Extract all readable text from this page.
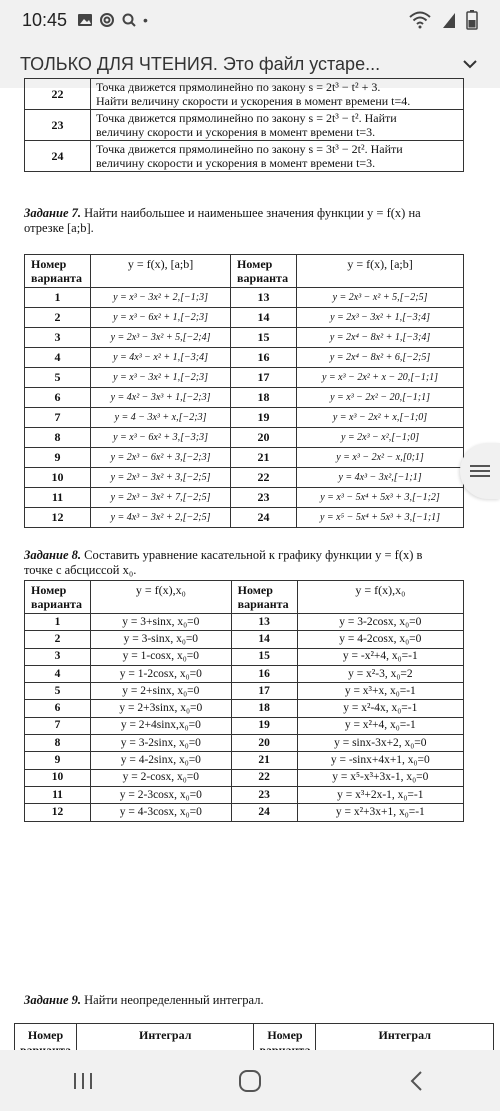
10:45	•
ТОЛЬКО ДЛЯ ЧТЕНИЯ. Это файл устаре...
22	Точка движется прямолинейно по закону s = 2t³ − t² + 3.
Найти величину скорости и ускорения в момент времени t=4.

23	Точка движется прямолинейно по закону s = 2t³ − t². Найти
величину скорости и ускорения в момент времени t=3.

24	Точка движется прямолинейно по закону s = 3t³ − 2t². Найти
величину скорости и ускорения в момент времени t=3.
Задание 7. Найти наибольшее и наименьшее значения функции y = f(x) на отрезке [a;b].
Номер варианта	y = f(x), [a;b]	Номер варианта	y = f(x), [a;b]
1	y = x³ − 3x² + 2,[−1;3]	13	y = 2x³ − x² + 5,[−2;5]
2	y = x³ − 6x² + 1,[−2;3]	14	y = 2x³ − 3x² + 1,[−3;4]
3	y = 2x³ − 3x² + 5,[−2;4]	15	y = 2x⁴ − 8x² + 1,[−3;4]
4	y = 4x³ − x² + 1,[−3;4]	16	y = 2x⁴ − 8x² + 6,[−2;5]
5	y = x³ − 3x² + 1,[−2;3]	17	y = x³ − 2x² + x − 20,[−1;1]
6	y = 4x² − 3x³ + 1,[−2;3]	18	y = x³ − 2x² − 20,[−1;1]
7	y = 4 − 3x³ + x,[−2;3]	19	y = x³ − 2x² + x,[−1;0]
8	y = x³ − 6x² + 3,[−3;3]	20	y = 2x³ − x²,[−1;0]
9	y = 2x³ − 6x² + 3,[−2;3]	21	y = x³ − 2x² − x,[0;1]
10	y = 2x³ − 3x² + 3,[−2;5]	22	y = 4x³ − 3x²,[−1;1]
11	y = 2x³ − 3x² + 7,[−2;5]	23	y = x³ − 5x⁴ + 5x³ + 3,[−1;2]
12	y = 4x³ − 3x² + 2,[−2;5]	24	y = x⁵ − 5x⁴ + 5x³ + 3,[−1;1]
Задание 8. Составить уравнение касательной к графику функции y = f(x) в точке с абсциссой x₀.
Номер варианта	y = f(x),x₀	Номер варианта	y = f(x),x₀
1	y = 3+sinx, x₀=0	13	y = 3-2cosx, x₀=0
2	y = 3-sinx, x₀=0	14	y = 4-2cosx, x₀=0
3	y = 1-cosx, x₀=0	15	y = -x²+4, x₀=-1
4	y = 1-2cosx, x₀=0	16	y = x²-3, x₀=2
5	y = 2+sinx, x₀=0	17	y = x³+x, x₀=-1
6	y = 2+3sinx, x₀=0	18	y = x²-4x, x₀=-1
7	y = 2+4sinx,x₀=0	19	y = x²+4, x₀=-1
8	y = 3-2sinx, x₀=0	20	y = sinx-3x+2, x₀=0
9	y = 4-2sinx, x₀=0	21	y = -sinx+4x+1, x₀=0
10	y = 2-cosx, x₀=0	22	y = x⁵-x³+3x-1, x₀=0
11	y = 2-3cosx, x₀=0	23	y = x³+2x-1, x₀=-1
12	y = 4-3cosx, x₀=0	24	y = x²+3x+1, x₀=-1
Задание 9. Найти неопределенный интеграл.
Номер	Интеграл	Номер	Интеграл
